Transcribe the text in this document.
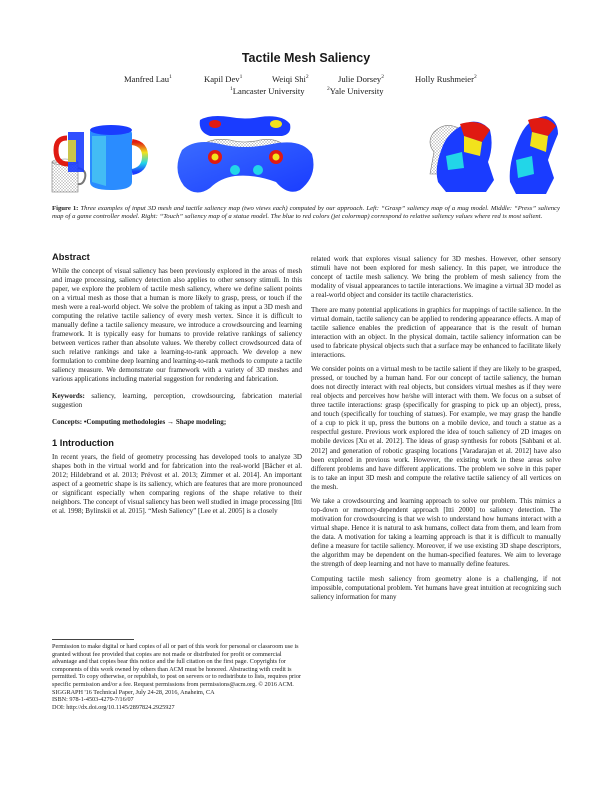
Tactile Mesh Saliency
Manfred Lau$^1$	Kapil Dev$^1$	Weiqi Shi$^2$	Julie Dorsey$^2$	Holly Rushmeier$^2$
$^1$Lancaster University	$^2$Yale University
Figure 1: Three examples of input 3D mesh and tactile saliency map (two views each) computed by our approach. Left: “Grasp” saliency map of a mug model. Middle: “Press” saliency map of a game controller model. Right: “Touch” saliency map of a statue model. The blue to red colors (jet colormap) correspond to relative saliency values where red is most salient.
Abstract

While the concept of visual saliency has been previously explored in the areas of mesh and image processing, saliency detection also applies to other sensory stimuli. In this paper, we explore the problem of tactile mesh saliency, where we define salient points on a virtual mesh as those that a human is more likely to grasp, press, or touch if the mesh were a real-world object. We solve the problem of taking as input a 3D mesh and computing the relative tactile saliency of every mesh vertex. Since it is difficult to manually define a tactile saliency measure, we introduce a crowdsourcing and learning framework. It is typically easy for humans to provide relative rankings of saliency between vertices rather than absolute values. We thereby collect crowdsourced data of such relative rankings and take a learning-to-rank approach. We develop a new formulation to combine deep learning and learning-to-rank methods to compute a tactile saliency measure. We demonstrate our framework with a variety of 3D meshes and various applications including material suggestion for rendering and fabrication.

Keywords: saliency, learning, perception, crowdsourcing, fabrication material suggestion

Concepts: •Computing methodologies → Shape modeling;

1 Introduction

In recent years, the field of geometry processing has developed tools to analyze 3D shapes both in the virtual world and for fabrication into the real-world [Bächer et al. 2012; Hildebrand et al. 2013; Prévost et al. 2013; Zimmer et al. 2014]. An important aspect of a geometric shape is its saliency, which are features that are more pronounced or significant especially when comparing regions of the shape relative to their neighbors. The concept of visual saliency has been well studied in image processing [Itti et al. 1998; Bylinskii et al. 2015]. “Mesh Saliency” [Lee et al. 2005] is a closely

Permission to make digital or hard copies of all or part of this work for personal or classroom use is granted without fee provided that copies are not made or distributed for profit or commercial advantage and that copies bear this notice and the full citation on the first page. Copyrights for components of this work owned by others than ACM must be honored. Abstracting with credit is permitted. To copy otherwise, or republish, to post on servers or to redistribute to lists, requires prior specific permission and/or a fee. Request permissions from permissions@acm.org. © 2016 ACM.
SIGGRAPH '16 Technical Paper, July 24-28, 2016, Anaheim, CA
ISBN: 978-1-4503-4279-7/16/07
DOI: http://dx.doi.org/10.1145/2897824.2925927

related work that explores visual saliency for 3D meshes. However, other sensory stimuli have not been explored for mesh saliency. In this paper, we introduce the concept of tactile mesh saliency. We bring the problem of mesh saliency from the modality of visual appearances to tactile interactions. We imagine a virtual 3D model as a real-world object and consider its tactile characteristics.

There are many potential applications in graphics for mappings of tactile salience. In the virtual domain, tactile saliency can be applied to rendering appearance effects. A map of tactile salience enables the prediction of appearance that is the result of human interaction with an object. In the physical domain, tactile saliency information can be used to fabricate physical objects such that a surface may be enhanced to facilitate likely interactions.

We consider points on a virtual mesh to be tactile salient if they are likely to be grasped, pressed, or touched by a human hand. For our concept of tactile saliency, the human does not directly interact with real objects, but considers virtual meshes as if they were real objects and perceives how he/she will interact with them. We focus on a subset of three tactile interactions: grasp (specifically for grasping to pick up an object), press, and touch (specifically for touching of statues). For example, we may grasp the handle of a cup to pick it up, press the buttons on a mobile device, and touch a statue as a respectful gesture. Previous work explored the idea of touch saliency of 2D images on mobile devices [Xu et al. 2012]. The ideas of grasp synthesis for robots [Sahbani et al. 2012] and generation of robotic grasping locations [Varadarajan et al. 2012] have also been explored in previous work. However, the existing work in these areas solve different problems and have different applications. The problem we solve in this paper is to take an input 3D mesh and compute the relative tactile saliency of all vertices on the mesh.

We take a crowdsourcing and learning approach to solve our problem. This mimics a top-down or memory-dependent approach [Itti 2000] to saliency detection. The motivation for crowdsourcing is that we wish to understand how humans interact with a virtual shape. Hence it is natural to ask humans, collect data from them, and learn from the data. A motivation for taking a learning approach is that it is difficult to manually define a measure for tactile saliency. Moreover, if we use existing 3D shape descriptors, the algorithm may be dependent on the human-specified features. We aim to leverage the strength of deep learning and not have to manually define features.

Computing tactile mesh saliency from geometry alone is a challenging, if not impossible, computational problem. Yet humans have great intuition at recognizing such saliency information for many
